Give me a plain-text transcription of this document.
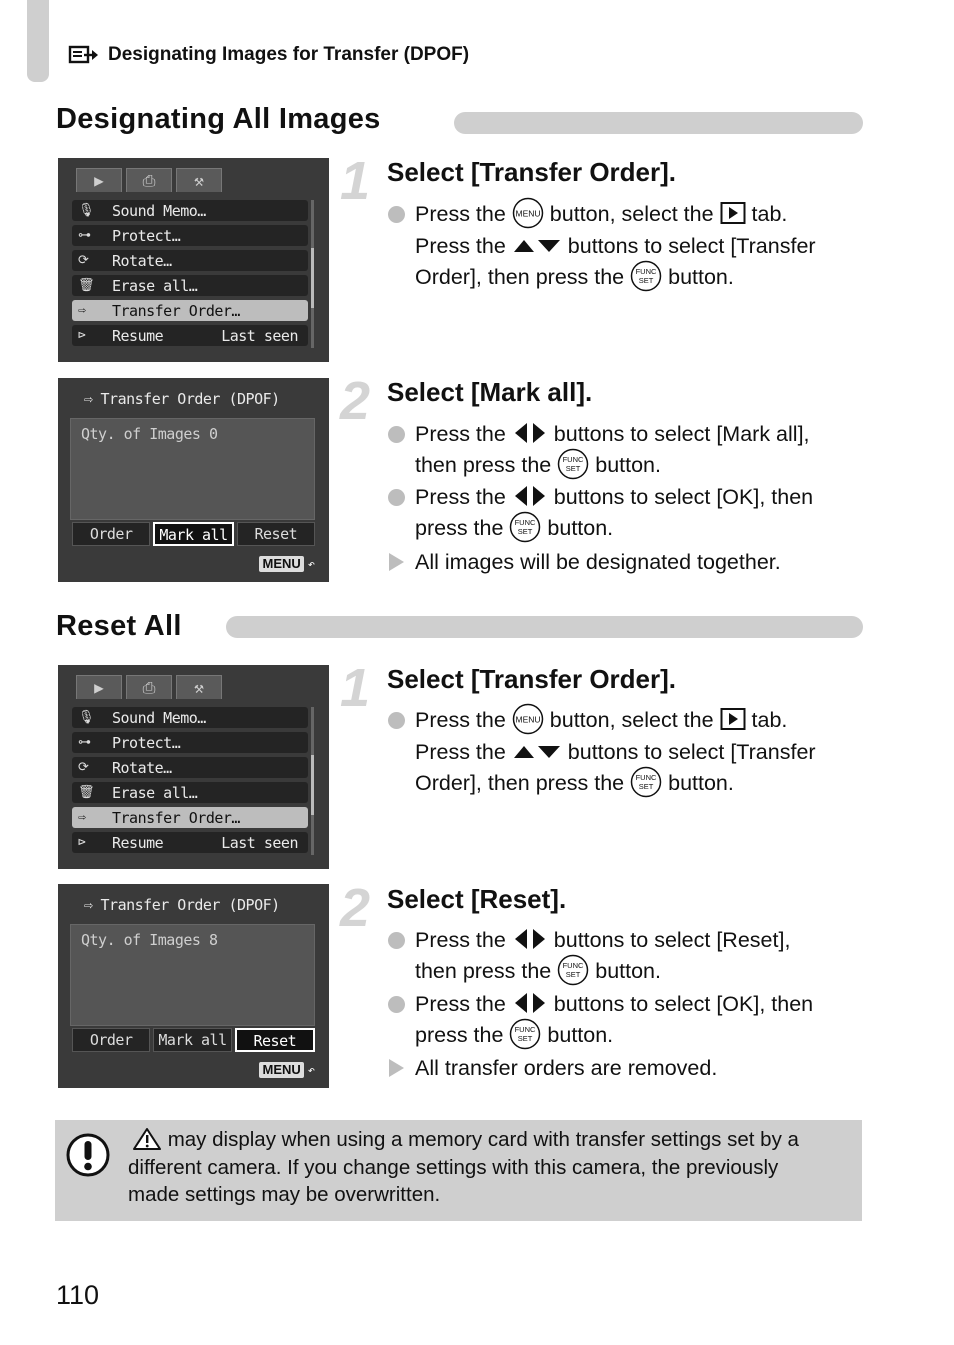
Designating Images for Transfer (DPOF)
Designating All Images
▶	⎙	⚒
🎙	Sound Memo…
⊶	Protect…
⟳	Rotate…
🗑	Erase all…
⇨	Transfer Order…
⊳	Resume	Last seen
1 Select [Transfer Order].
Press the MENU button, select the tab.
Press the	buttons to select [Transfer
Order], then press the FUNC
SET button.
⇨ Transfer Order (DPOF)
Qty. of Images 0
Order	Mark all	Reset
MENU ↶
2 Select [Mark all].
Press the buttons to select [Mark all],
then press the FUNC
SET button.
Press the buttons to select [OK], then
press the FUNC
SET button.
All images will be designated together.
Reset All
▶	⎙	⚒
🎙	Sound Memo…
⊶	Protect…
⟳	Rotate…
🗑	Erase all…
⇨	Transfer Order…
⊳	Resume	Last seen
1 Select [Transfer Order].
Press the MENU button, select the tab.
Press the	buttons to select [Transfer
Order], then press the FUNC
SET button.
⇨ Transfer Order (DPOF)
Qty. of Images 8
Order	Mark all	Reset
MENU ↶
2 Select [Reset].
Press the buttons to select [Reset],
then press the FUNC
SET button.
Press the buttons to select [OK], then
press the FUNC
SET button.
All transfer orders are removed.
may display when using a memory card with transfer settings set by a
different camera. If you change settings with this camera, the previously
made settings may be overwritten.
110
